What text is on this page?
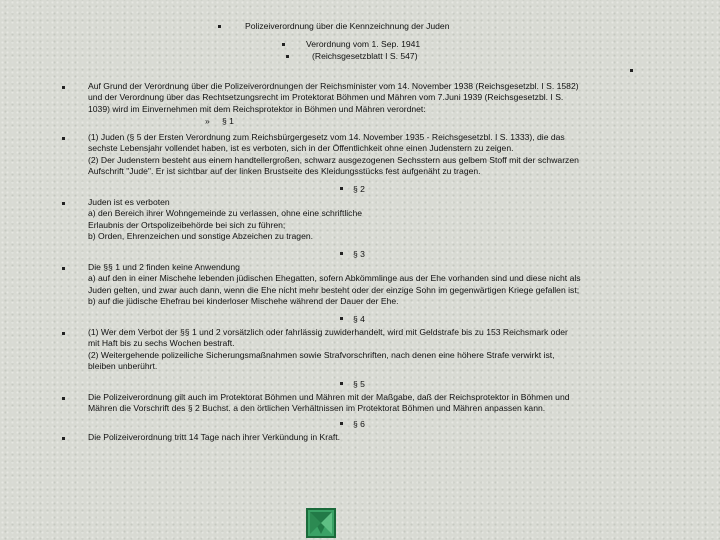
Polizeiverordnung über die Kennzeichnung der Juden
Verordnung vom 1. Sep. 1941
(Reichsgesetzblatt I S. 547)
Auf Grund der Verordnung über die Polizeiverordnungen der Reichsminister vom 14. November 1938 (Reichsgesetzbl. I S. 1582)
und der Verordnung über das Rechtsetzungsrecht im Protektorat Böhmen und Mähren vom 7.Juni 1939 (Reichsgesetzbl. I S.
1039) wird im Einvernehmen mit dem Reichsprotektor in Böhmen und Mähren verordnet:
» § 1
(1) Juden (§ 5 der Ersten Verordnung zum Reichsbürgergesetz vom 14. November 1935 - Reichsgesetzbl. I S. 1333), die das
sechste Lebensjahr vollendet haben, ist es verboten, sich in der Öffentlichkeit ohne einen Judenstern zu zeigen.
(2) Der Judenstern besteht aus einem handtellergroßen, schwarz ausgezogenen Sechsstern aus gelbem Stoff mit der schwarzen
Aufschrift "Jude". Er ist sichtbar auf der linken Brustseite des Kleidungsstücks fest aufgenäht zu tragen.
§ 2
Juden ist es verboten
a) den Bereich ihrer Wohngemeinde zu verlassen, ohne eine schriftliche
Erlaubnis der Ortspolizeibehörde bei sich zu führen;
b) Orden, Ehrenzeichen und sonstige Abzeichen zu tragen.
§ 3
Die §§ 1 und 2 finden keine Anwendung
a) auf den in einer Mischehe lebenden jüdischen Ehegatten, sofern Abkömmlinge aus der Ehe vorhanden sind und diese nicht als
Juden gelten, und zwar auch dann, wenn die Ehe nicht mehr besteht oder der einzige Sohn im gegenwärtigen Kriege gefallen ist;
b) auf die jüdische Ehefrau bei kinderloser Mischehe während der Dauer der Ehe.
§ 4
(1) Wer dem Verbot der §§ 1 und 2 vorsätzlich oder fahrlässig zuwiderhandelt, wird mit Geldstrafe bis zu 153 Reichsmark oder
mit Haft bis zu sechs Wochen bestraft.
(2) Weitergehende polizeiliche Sicherungsmaßnahmen sowie Strafvorschriften, nach denen eine höhere Strafe verwirkt ist,
bleiben unberührt.
§ 5
Die Polizeiverordnung gilt auch im Protektorat Böhmen und Mähren mit der Maßgabe, daß der Reichsprotektor in Böhmen und
Mähren die Vorschrift des § 2 Buchst. a den örtlichen Verhältnissen im Protektorat Böhmen und Mähren anpassen kann.
§ 6
Die Polizeiverordnung tritt 14 Tage nach ihrer Verkündung in Kraft.
